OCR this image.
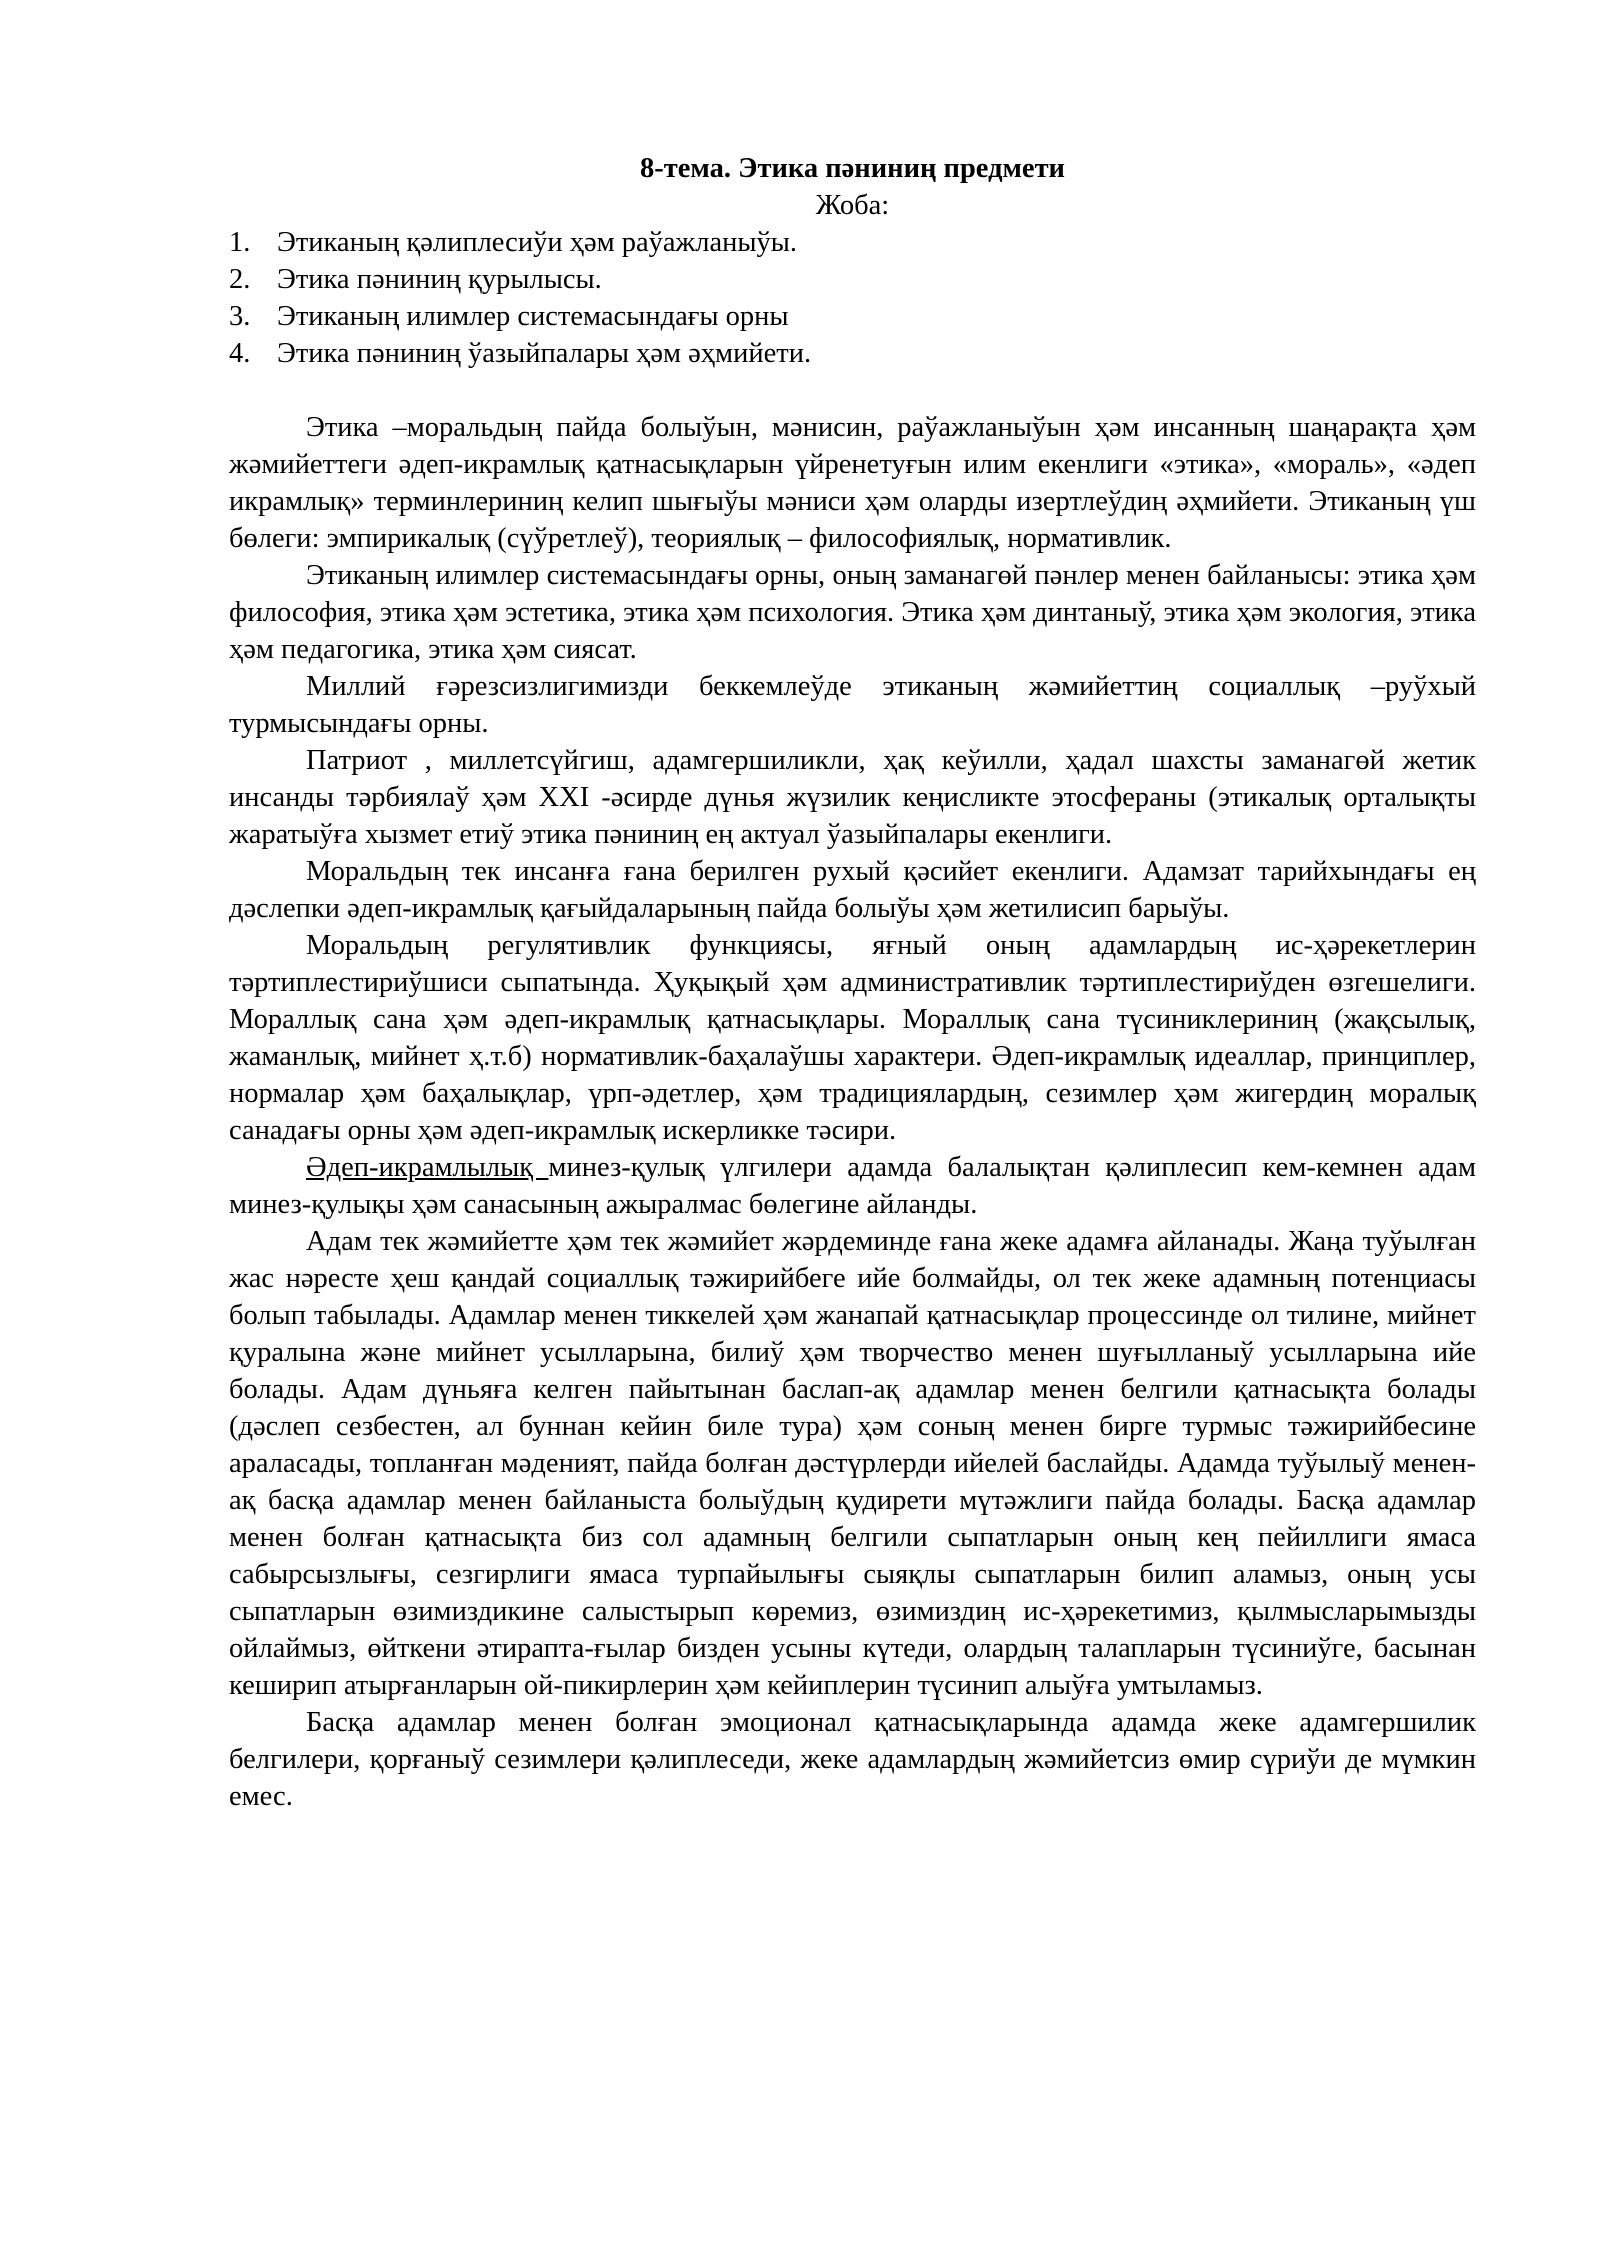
8-тема. Этика пәниниң предмети

Жоба:

1. Этиканың қәлиплесиўи ҳәм раўажланыўы.
2. Этика пәниниң қурылысы.
3. Этиканың илимлер системасындағы орны
4. Этика пәниниң ўазыйпалары ҳәм әҳмийети.

Этика –моральдың пайда болыўын, мәнисин, раўажланыўын ҳәм инсанның шаңарақта ҳәм жәмийеттеги әдеп-икрамлық қатнасықларын үйренетуғын илим екенлиги «этика», «мораль», «әдеп икрамлық» терминлериниң келип шығыўы мәниси ҳәм оларды изертлеўдиң әҳмийети. Этиканың үш бөлеги: эмпирикалық (сүўретлеў), теориялық – философиялық, нормативлик.

Этиканың илимлер системасындағы орны, оның заманагөй пәнлер менен байланысы: этика ҳәм философия, этика ҳәм эстетика, этика ҳәм психология. Этика ҳәм динтаныў, этика ҳәм экология, этика ҳәм педагогика, этика ҳәм сиясат.

Миллий ғәрезсизлигимизди беккемлеўде этиканың жәмийеттиң социаллық –руўхый турмысындағы орны.

Патриот , миллетсүйгиш, адамгершиликли, ҳақ кеўилли, ҳадал шахсты заманагөй жетик инсанды тәрбиялаў ҳәм XXI -әсирде дүнья жүзилик кеңисликте этосфераны (этикалық орталықты жаратыўға хызмет етиў этика пәниниң ең актуал ўазыйпалары екенлиги.

Моральдың тек инсанға ғана берилген рухый қәсийет екенлиги. Адамзат тарийхындағы ең дәслепки әдеп-икрамлық қағыйдаларының пайда болыўы ҳәм жетилисип барыўы.

Моральдың регулятивлик функциясы, яғный оның адамлардың ис-ҳәрекетлерин тәртиплестириўшиси сыпатында. Ҳуқықый ҳәм административлик тәртиплестириўден өзгешелиги. Мораллық сана ҳәм әдеп-икрамлық қатнасықлары. Мораллық сана түсиниклериниң (жақсылық, жаманлық, мийнет ҳ.т.б) нормативлик-баҳалаўшы характери. Әдеп-икрамлық идеаллар, принциплер, нормалар ҳәм баҳалықлар, үрп-әдетлер, ҳәм традициялардың, сезимлер ҳәм жигердиң моралық санадағы орны ҳәм әдеп-икрамлық искерликке тәсири.

Әдеп-икрамлылық минез-қулық үлгилери адамда балалықтан қәлиплесип кем-кемнен адам минез-қулықы ҳәм санасының ажыралмас бөлегине айланды.

Адам тек жәмийетте ҳәм тек жәмийет жәрдеминде ғана жеке адамға айланады. Жаңа туўылған жас нәресте ҳеш қандай социаллық тәжирийбеге ийе болмайды, ол тек жеке адамның потенциасы болып табылады. Адамлар менен тиккелей ҳәм жанапай қатнасықлар процессинде ол тилине, мийнет қуралына және мийнет усылларына, билиў ҳәм творчество менен шуғылланыў усылларына ийе болады. Адам дүньяға келген пайытынан баслап-ақ адамлар менен белгили қатнасықта болады (дәслеп сезбестен, ал буннан кейин биле тура) ҳәм соның менен бирге турмыс тәжирийбесине араласады, топланған мәденият, пайда болған дәстүрлерди ийелей баслайды. Адамда туўылыў менен-ақ басқа адамлар менен байланыста болыўдың қудирети мүтәжлиги пайда болады. Басқа адамлар менен болған қатнасықта биз сол адамның белгили сыпатларын оның кең пейиллиги ямаса сабырсызлығы, сезгирлиги ямаса турпайылығы сыяқлы сыпатларын билип аламыз, оның усы сыпатларын өзимиздикине салыстырып көремиз, өзимиздиң ис-ҳәрекетимиз, қылмысларымызды ойлаймыз, өйткени әтирапта-ғылар бизден усыны күтеди, олардың талапларын түсиниўге, басынан кеширип атырғанларын ой-пикирлерин ҳәм кейиплерин түсинип алыўға умтыламыз.

Басқа адамлар менен болған эмоционал қатнасықларында адамда жеке адамгершилик белгилери, қорғаныў сезимлери қәлиплеседи, жеке адамлардың жәмийетсиз өмир сүриўи де мүмкин емес.
